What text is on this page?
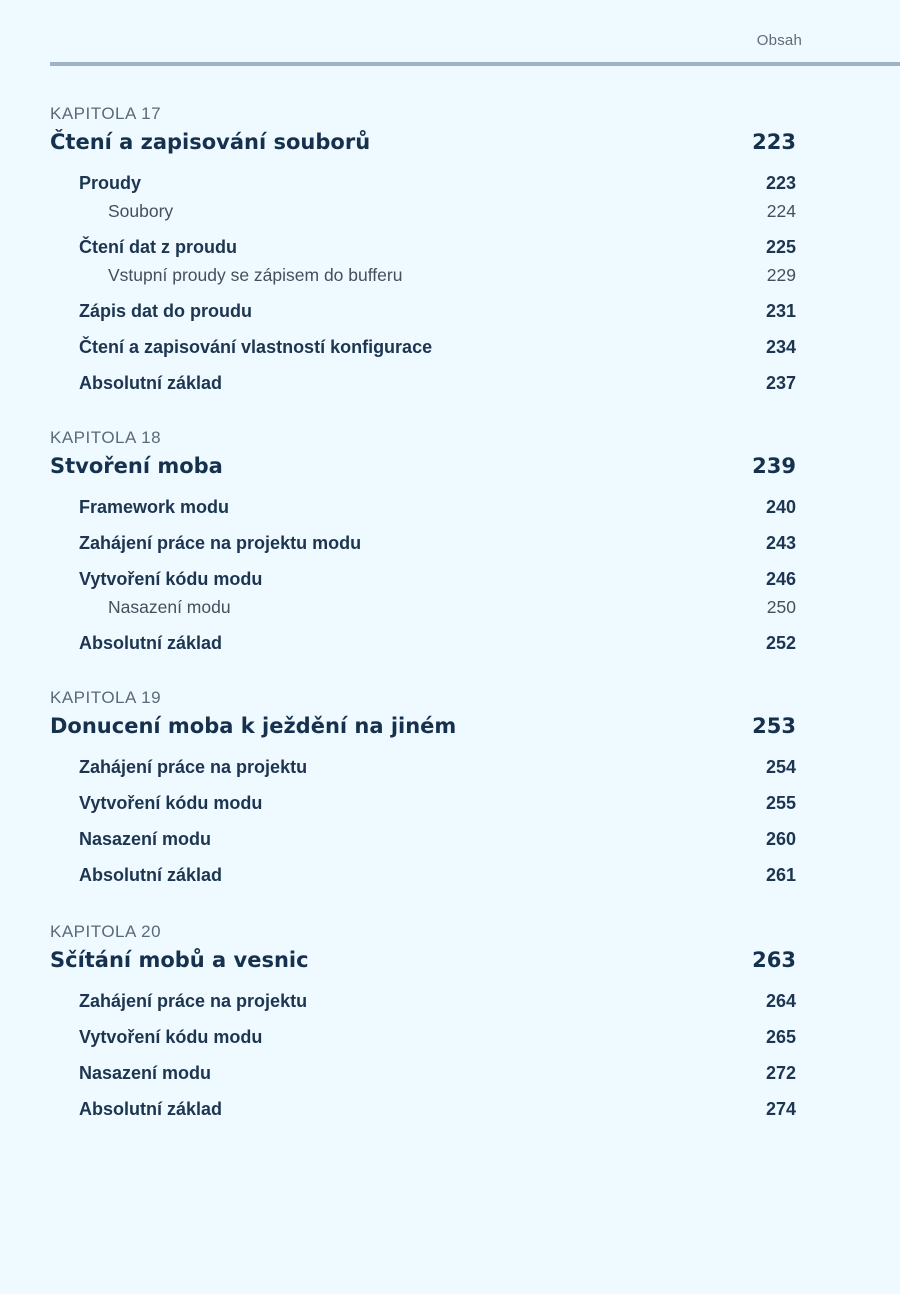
Obsah
KAPITOLA 17
Čtení a zapisování souborů	223
Proudy	223
Soubory	224
Čtení dat z proudu	225
Vstupní proudy se zápisem do bufferu	229
Zápis dat do proudu	231
Čtení a zapisování vlastností konfigurace	234
Absolutní základ	237
KAPITOLA 18
Stvoření moba	239
Framework modu	240
Zahájení práce na projektu modu	243
Vytvoření kódu modu	246
Nasazení modu	250
Absolutní základ	252
KAPITOLA 19
Donucení moba k ježdění na jiném	253
Zahájení práce na projektu	254
Vytvoření kódu modu	255
Nasazení modu	260
Absolutní základ	261
KAPITOLA 20
Sčítání mobů a vesnic	263
Zahájení práce na projektu	264
Vytvoření kódu modu	265
Nasazení modu	272
Absolutní základ	274
